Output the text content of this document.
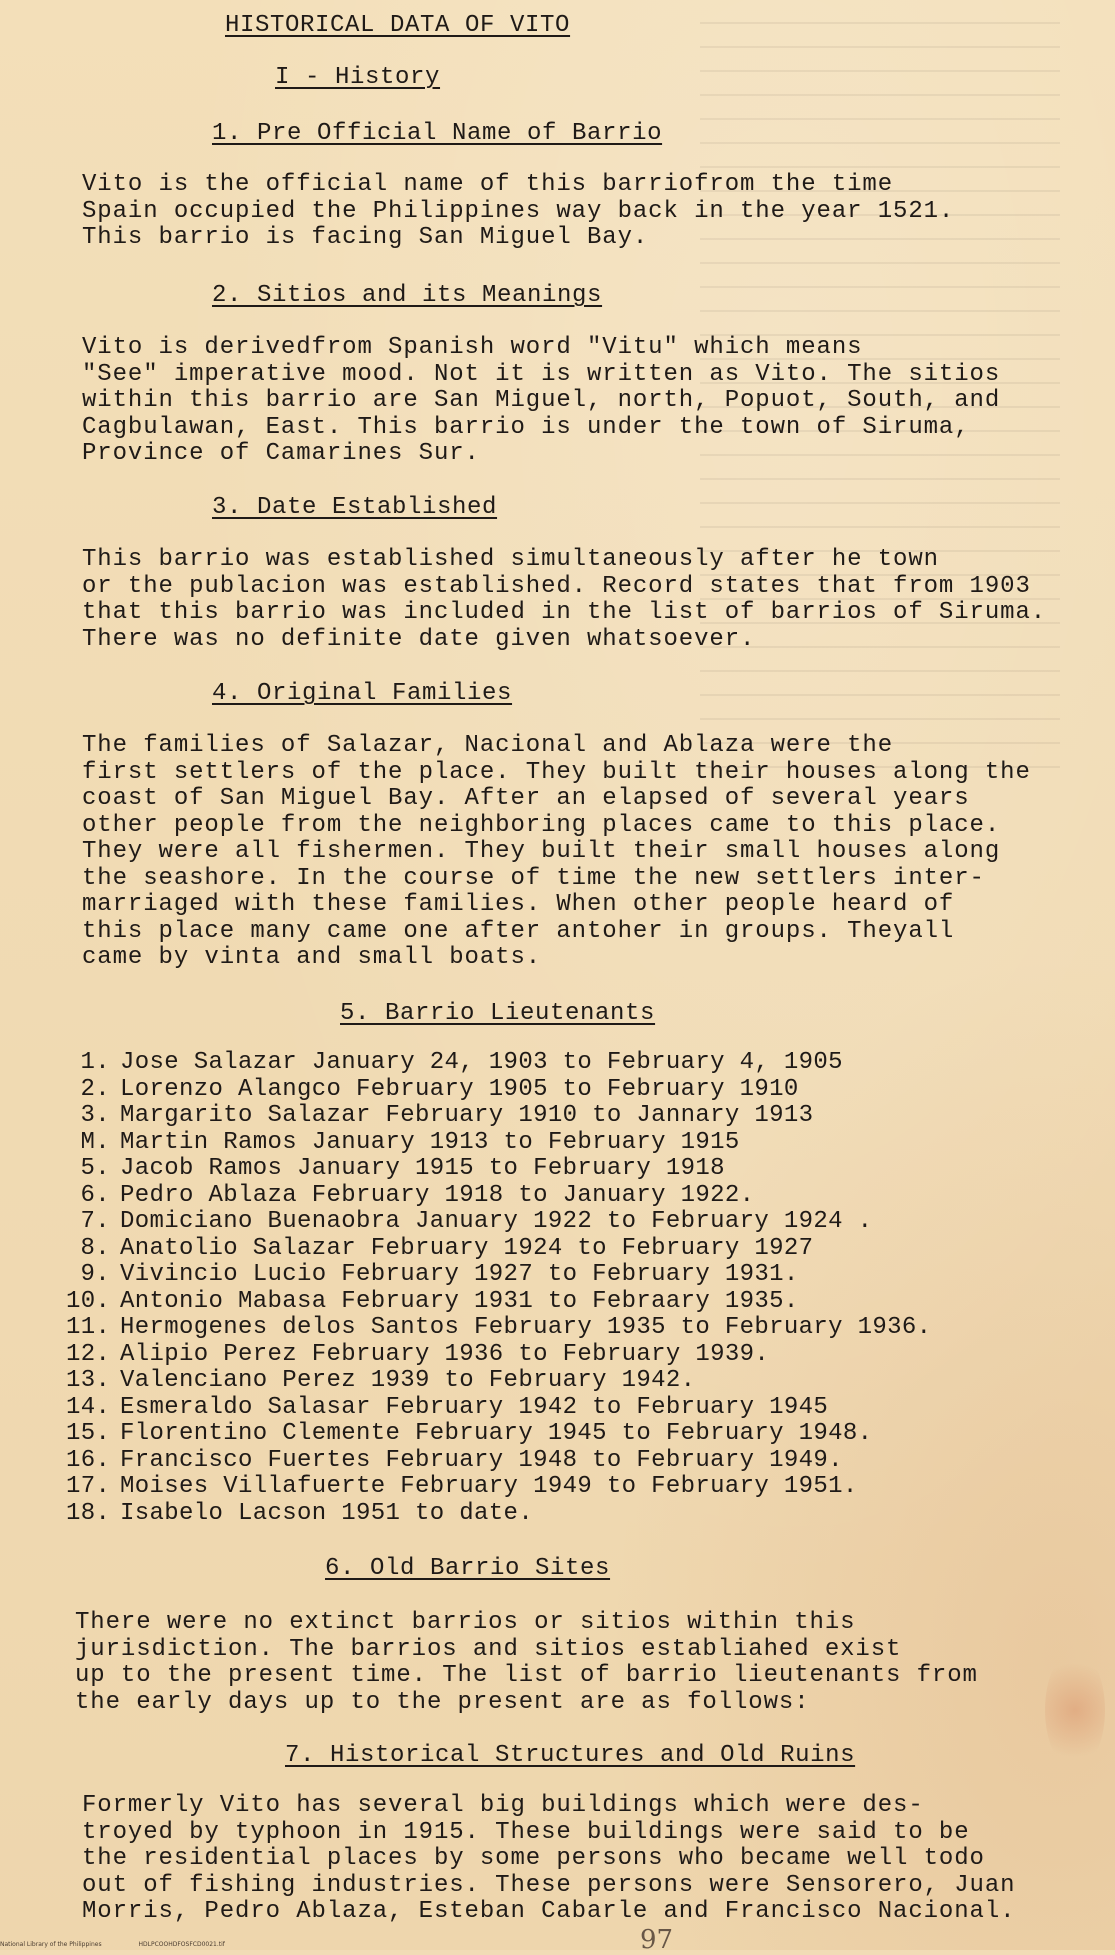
HISTORICAL DATA OF VITO
I - History
1. Pre Official Name of Barrio
Vito is the official name of this barriofrom the time
Spain occupied the Philippines way back in the year 1521.
This barrio is facing San Miguel Bay.
2. Sitios and its Meanings
Vito is derivedfrom Spanish word "Vitu" which means
"See" imperative mood. Not it is written as Vito. The sitios
within this barrio are San Miguel, north, Popuot, South, and
Cagbulawan, East. This barrio is under the town of Siruma,
Province of Camarines Sur.
3. Date Established
This barrio was established simultaneously after he town
or the publacion was established. Record states that from 1903
that this barrio was included in the list of barrios of Siruma.
There was no definite date given whatsoever.
4. Original Families
The families of Salazar, Nacional and Ablaza were the
first settlers of the place. They built their houses along the
coast of San Miguel Bay. After an elapsed of several years
other people from the neighboring places came to this place.
They were all fishermen. They built their small houses along
the seashore. In the course of time the new settlers inter-
marriaged with these families. When other people heard of
this place many came one after antoher in groups. Theyall
came by vinta and small boats.
5. Barrio Lieutenants
1. Jose Salazar January 24, 1903 to February 4, 1905
2. Lorenzo Alangco February 1905 to February 1910
3. Margarito Salazar February 1910 to Jannary 1913
M. Martin Ramos January 1913 to February 1915
5. Jacob Ramos January 1915 to February 1918
6. Pedro Ablaza February 1918 to January 1922.
7. Domiciano Buenaobra January 1922 to February 1924 .
8. Anatolio Salazar February 1924 to February 1927
9. Vivincio Lucio February 1927 to February 1931.
10. Antonio Mabasa February 1931 to Febraary 1935.
11. Hermogenes delos Santos February 1935 to February 1936.
12. Alipio Perez February 1936 to February 1939.
13. Valenciano Perez 1939 to February 1942.
14. Esmeraldo Salasar February 1942 to February 1945
15. Florentino Clemente February 1945 to February 1948.
16. Francisco Fuertes February 1948 to February 1949.
17. Moises Villafuerte February 1949 to February 1951.
18. Isabelo Lacson 1951 to date.
6. Old Barrio Sites
There were no extinct barrios or sitios within this
jurisdiction. The barrios and sitios establiahed exist
up to the present time. The list of barrio lieutenants from
the early days up to the present are as follows:
7. Historical Structures and Old Ruins
Formerly Vito has several big buildings which were des-
troyed by typhoon in 1915. These buildings were said to be
the residential places by some persons who became well todo
out of fishing industries. These persons were Sensorero, Juan
Morris, Pedro Ablaza, Esteban Cabarle and Francisco Nacional.
97
National Library of the Philippines	HDLPCOOHDFOSFCD0021.tif
